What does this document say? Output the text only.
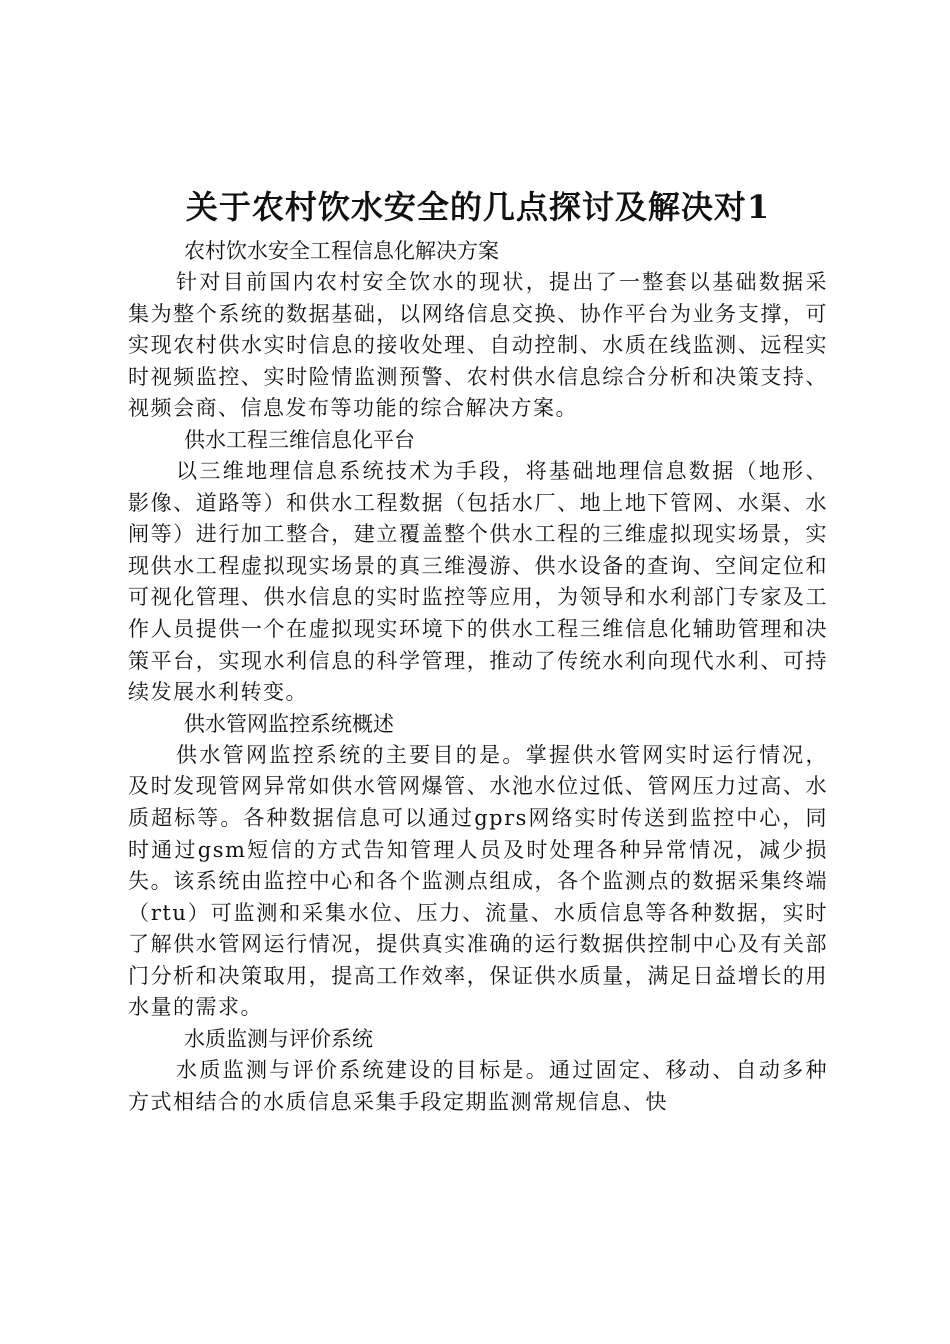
关于农村饮水安全的几点探讨及解决对1
农村饮水安全工程信息化解决方案

针对目前国内农村安全饮水的现状，提出了一整套以基础数据采集为整个系统的数据基础，以网络信息交换、协作平台为业务支撑，可实现农村供水实时信息的接收处理、自动控制、水质在线监测、远程实时视频监控、实时险情监测预警、农村供水信息综合分析和决策支持、视频会商、信息发布等功能的综合解决方案。

供水工程三维信息化平台

以三维地理信息系统技术为手段，将基础地理信息数据（地形、影像、道路等）和供水工程数据（包括水厂、地上地下管网、水渠、水闸等）进行加工整合，建立覆盖整个供水工程的三维虚拟现实场景，实现供水工程虚拟现实场景的真三维漫游、供水设备的查询、空间定位和可视化管理、供水信息的实时监控等应用，为领导和水利部门专家及工作人员提供一个在虚拟现实环境下的供水工程三维信息化辅助管理和决策平台，实现水利信息的科学管理，推动了传统水利向现代水利、可持续发展水利转变。

供水管网监控系统概述

供水管网监控系统的主要目的是。掌握供水管网实时运行情况，及时发现管网异常如供水管网爆管、水池水位过低、管网压力过高、水质超标等。各种数据信息可以通过gprs网络实时传送到监控中心，同时通过gsm短信的方式告知管理人员及时处理各种异常情况，减少损失。该系统由监控中心和各个监测点组成，各个监测点的数据采集终端（rtu）可监测和采集水位、压力、流量、水质信息等各种数据，实时了解供水管网运行情况，提供真实准确的运行数据供控制中心及有关部门分析和决策取用，提高工作效率，保证供水质量，满足日益增长的用水量的需求。

水质监测与评价系统

水质监测与评价系统建设的目标是。通过固定、移动、自动多种方式相结合的水质信息采集手段定期监测常规信息、快
